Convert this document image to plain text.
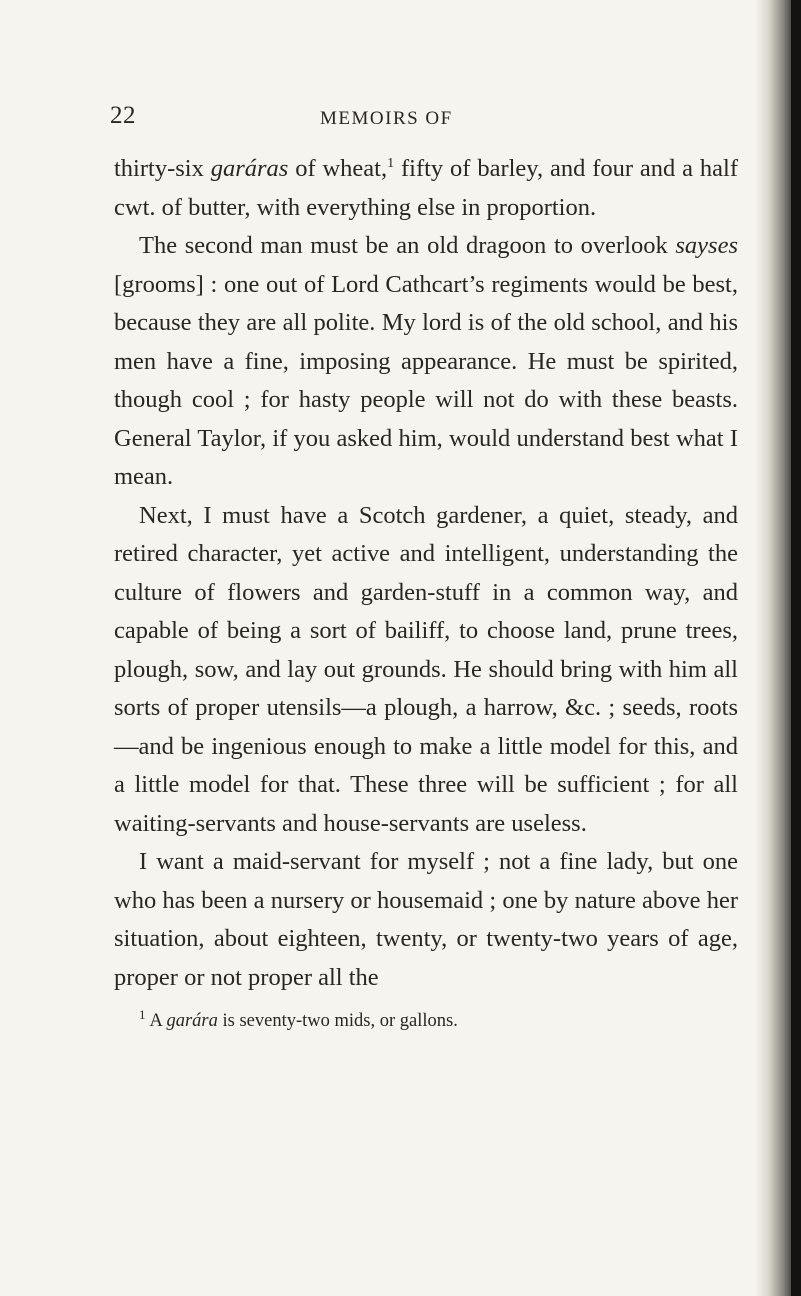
22	MEMOIRS OF

thirty-six garáras of wheat,$^1$ fifty of barley, and four and a half cwt. of butter, with everything else in proportion.

The second man must be an old dragoon to overlook sayses [grooms] : one out of Lord Cathcart’s regiments would be best, because they are all polite. My lord is of the old school, and his men have a fine, imposing appearance. He must be spirited, though cool ; for hasty people will not do with these beasts. General Taylor, if you asked him, would understand best what I mean.

Next, I must have a Scotch gardener, a quiet, steady, and retired character, yet active and intelligent, understanding the culture of flowers and garden-stuff in a common way, and capable of being a sort of bailiff, to choose land, prune trees, plough, sow, and lay out grounds. He should bring with him all sorts of proper utensils—a plough, a harrow, &c. ; seeds, roots—and be ingenious enough to make a little model for this, and a little model for that. These three will be sufficient ; for all waiting-servants and house-servants are useless.

I want a maid-servant for myself ; not a fine lady, but one who has been a nursery or housemaid ; one by nature above her situation, about eighteen, twenty, or twenty-two years of age, proper or not proper all the

$^1$ A garára is seventy-two mids, or gallons.
